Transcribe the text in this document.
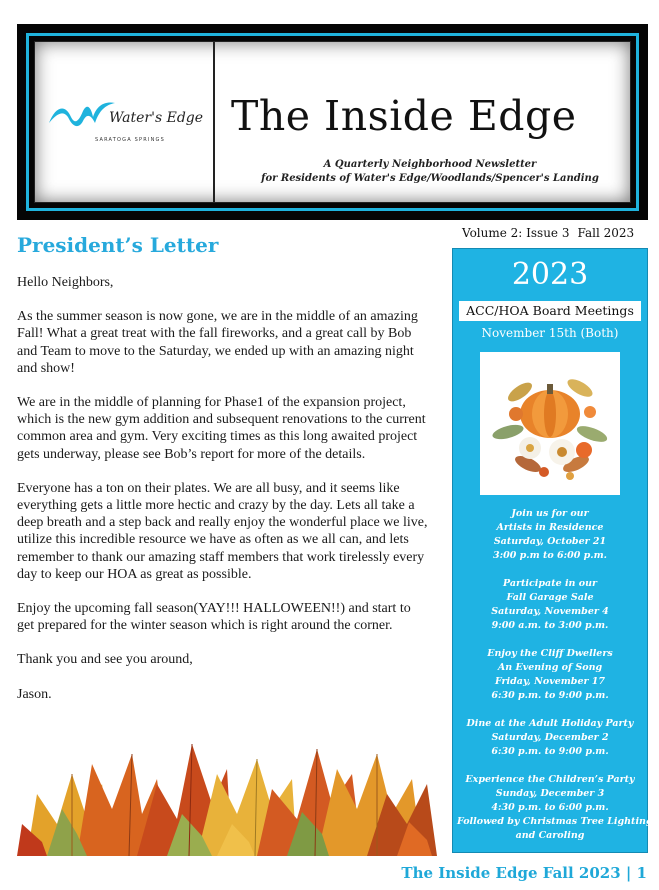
Water's Edge
SARATOGA SPRINGS The Inside Edge
A Quarterly Neighborhood Newsletter
for Residents of Water's Edge/Woodlands/Spencer's Landing
Volume 2: Issue 3 Fall 2023
President’s Letter

Hello Neighbors,

As the summer season is now gone, we are in the middle of an amazing Fall! What a great treat with the fall fireworks, and a great call by Bob and Team to move to the Saturday, we ended up with an amazing night and show!

We are in the middle of planning for Phase1 of the expansion project, which is the new gym addition and subsequent renovations to the current common area and gym. Very exciting times as this long awaited project gets underway, please see Bob’s report for more of the details.

Everyone has a ton on their plates. We are all busy, and it seems like everything gets a little more hectic and crazy by the day. Lets all take a deep breath and a step back and really enjoy the wonderful place we live, utilize this incredible resource we have as often as we all can, and lets remember to thank our amazing staff members that work tirelessly every day to keep our HOA as great as possible.

Enjoy the upcoming fall season(YAY!!! HALLOWEEN!!) and start to get prepared for the winter season which is right around the corner.

Thank you and see you around,

Jason.

2023
ACC/HOA Board Meetings
November 15th (Both)
Join us for our
Artists in Residence
Saturday, October 21
3:00 p.m to 6:00 p.m.
Participate in our
Fall Garage Sale
Saturday, November 4
9:00 a.m. to 3:00 p.m.
Enjoy the Cliff Dwellers
An Evening of Song
Friday, November 17
6:30 p.m. to 9:00 p.m.
Dine at the Adult Holiday Party
Saturday, December 2
6:30 p.m. to 9:00 p.m.
Experience the Children’s Party
Sunday, December 3
4:30 p.m. to 6:00 p.m.
Followed by Christmas Tree Lighting
and Caroling
The Inside Edge Fall 2023 | 1
